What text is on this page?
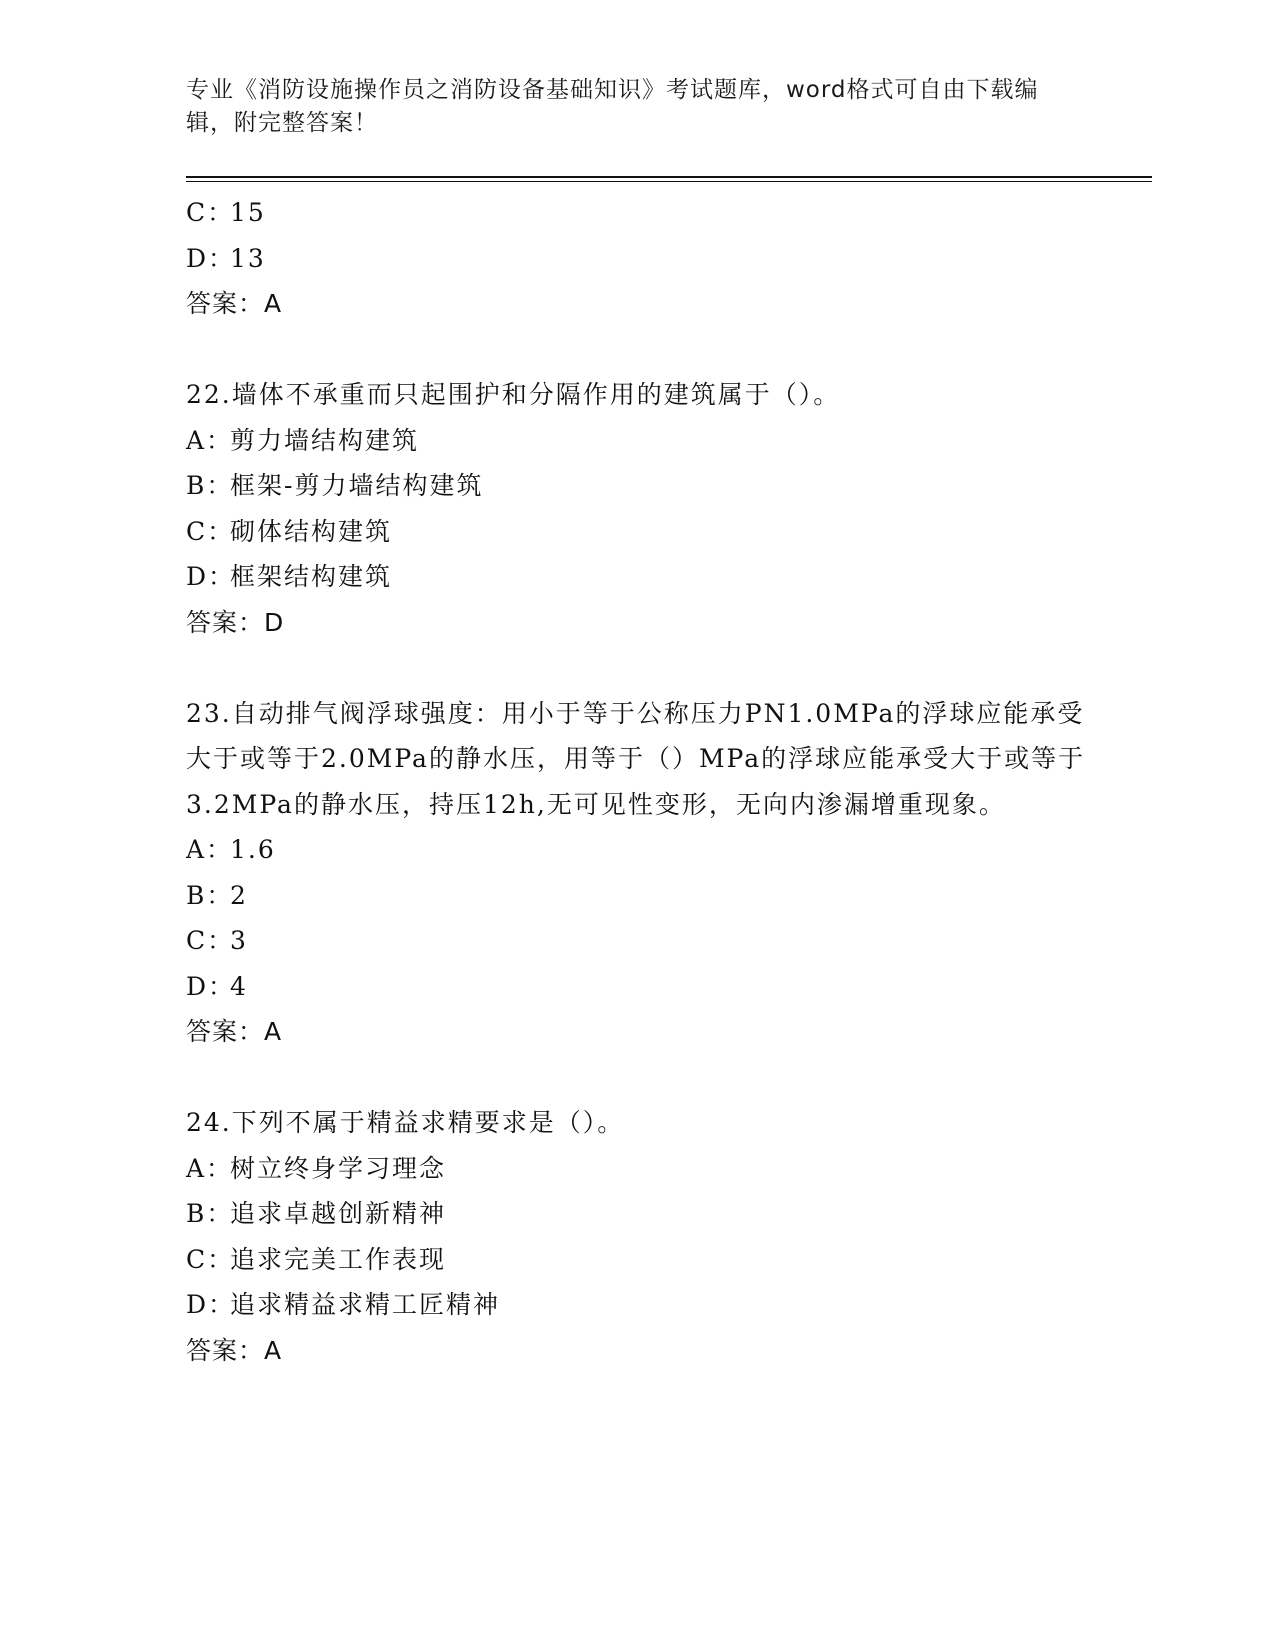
专业《消防设施操作员之消防设备基础知识》考试题库，word格式可自由下载编辑，附完整答案！
C：15
D：13
答案：A
22.墙体不承重而只起围护和分隔作用的建筑属于（）。
A：剪力墙结构建筑
B：框架-剪力墙结构建筑
C：砌体结构建筑
D：框架结构建筑
答案：D
23.自动排气阀浮球强度：用小于等于公称压力PN1.0MPa的浮球应能承受大于或等于2.0MPa的静水压，用等于（）MPa的浮球应能承受大于或等于3.2MPa的静水压，持压12h,无可见性变形，无向内渗漏增重现象。
A：1.6
B：2
C：3
D：4
答案：A
24.下列不属于精益求精要求是（）。
A：树立终身学习理念
B：追求卓越创新精神
C：追求完美工作表现
D：追求精益求精工匠精神
答案：A
